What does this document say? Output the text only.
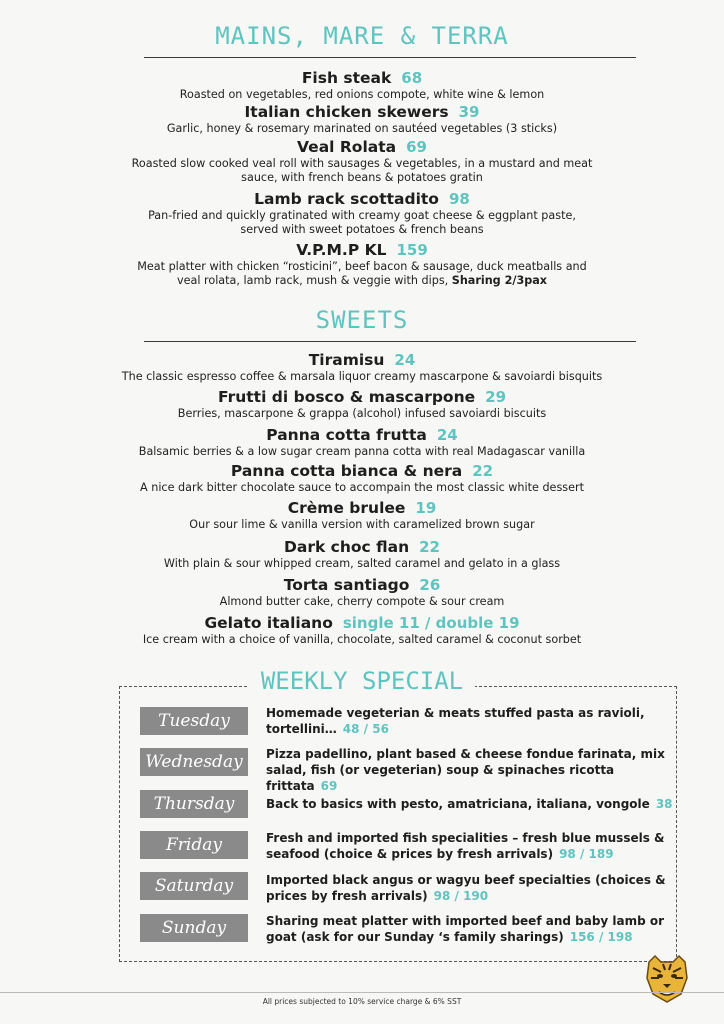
MAINS, MARE & TERRA
Fish steak 68
Roasted on vegetables, red onions compote, white wine & lemon
Italian chicken skewers 39
Garlic, honey & rosemary marinated on sautéed vegetables (3 sticks)
Veal Rolata 69
Roasted slow cooked veal roll with sausages & vegetables, in a mustard and meat sauce, with french beans & potatoes gratin
Lamb rack scottadito 98
Pan-fried and quickly gratinated with creamy goat cheese & eggplant paste, served with sweet potatoes & french beans
V.P.M.P KL 159
Meat platter with chicken “rosticini”, beef bacon & sausage, duck meatballs and veal rolata, lamb rack, mush & veggie with dips, Sharing 2/3pax
SWEETS
Tiramisu 24
The classic espresso coffee & marsala liquor creamy mascarpone & savoiardi bisquits
Frutti di bosco & mascarpone 29
Berries, mascarpone & grappa (alcohol) infused savoiardi biscuits
Panna cotta frutta 24
Balsamic berries & a low sugar cream panna cotta with real Madagascar vanilla
Panna cotta bianca & nera 22
A nice dark bitter chocolate sauce to accompain the most classic white dessert
Crème brulee 19
Our sour lime & vanilla version with caramelized brown sugar
Dark choc flan 22
With plain & sour whipped cream, salted caramel and gelato in a glass
Torta santiago 26
Almond butter cake, cherry compote & sour cream
Gelato italiano single 11 / double 19
Ice cream with a choice of vanilla, chocolate, salted caramel & coconut sorbet
WEEKLY SPECIAL
Tuesday	Homemade vegeterian & meats stuffed pasta as ravioli, tortellini… 48 / 56
Wednesday	Pizza padellino, plant based & cheese fondue farinata, mix salad, fish (or vegeterian) soup & spinaches ricotta frittata 69
Thursday	Back to basics with pesto, amatriciana, italiana, vongole 38
Friday	Fresh and imported fish specialities – fresh blue mussels & seafood (choice & prices by fresh arrivals) 98 / 189
Saturday	Imported black angus or wagyu beef specialties (choices & prices by fresh arrivals) 98 / 190
Sunday	Sharing meat platter with imported beef and baby lamb or goat (ask for our Sunday ‘s family sharings) 156 / 198
All prices subjected to 10% service charge & 6% SST
